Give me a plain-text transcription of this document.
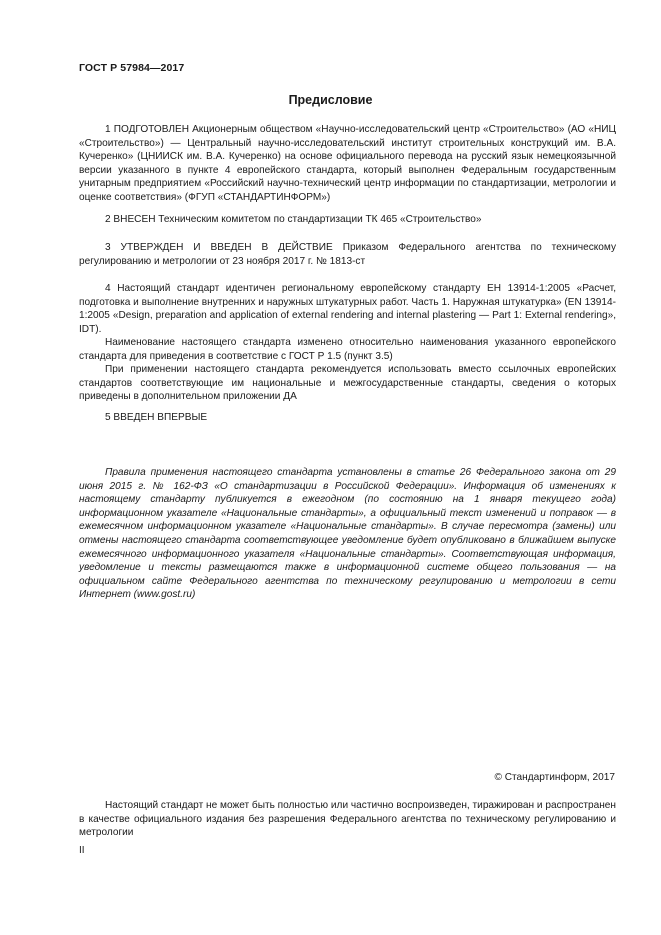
ГОСТ Р 57984—2017
Предисловие

1 ПОДГОТОВЛЕН Акционерным обществом «Научно-исследовательский центр «Строительство» (АО «НИЦ «Строительство») — Центральный научно-исследовательский институт строительных конструкций им. В.А. Кучеренко» (ЦНИИСК им. В.А. Кучеренко) на основе официального перевода на русский язык немецкоязычной версии указанного в пункте 4 европейского стандарта, который выполнен Федеральным государственным унитарным предприятием «Российский научно-технический центр информации по стандартизации, метрологии и оценке соответствия» (ФГУП «СТАНДАРТИНФОРМ»)

2 ВНЕСЕН Техническим комитетом по стандартизации ТК 465 «Строительство»

3 УТВЕРЖДЕН И ВВЕДЕН В ДЕЙСТВИЕ Приказом Федерального агентства по техническому регулированию и метрологии от 23 ноября 2017 г. № 1813-ст

4 Настоящий стандарт идентичен региональному европейскому стандарту ЕН 13914-1:2005 «Расчет, подготовка и выполнение внутренних и наружных штукатурных работ. Часть 1. Наружная штукатурка» (EN 13914-1:2005 «Design, preparation and application of external rendering and internal plastering — Part 1: External rendering», IDT).

Наименование настоящего стандарта изменено относительно наименования указанного европейского стандарта для приведения в соответствие с ГОСТ Р 1.5 (пункт 3.5)

При применении настоящего стандарта рекомендуется использовать вместо ссылочных европейских стандартов соответствующие им национальные и межгосударственные стандарты, сведения о которых приведены в дополнительном приложении ДА

5 ВВЕДЕН ВПЕРВЫЕ

Правила применения настоящего стандарта установлены в статье 26 Федерального закона от 29 июня 2015 г. № 162-ФЗ «О стандартизации в Российской Федерации». Информация об изменениях к настоящему стандарту публикуется в ежегодном (по состоянию на 1 января текущего года) информационном указателе «Национальные стандарты», а официальный текст изменений и поправок — в ежемесячном информационном указателе «Национальные стандарты». В случае пересмотра (замены) или отмены настоящего стандарта соответствующее уведомление будет опубликовано в ближайшем выпуске ежемесячного информационного указателя «Национальные стандарты». Соответствующая информация, уведомление и тексты размещаются также в информационной системе общего пользования — на официальном сайте Федерального агентства по техническому регулированию и метрологии в сети Интернет (www.gost.ru)

© Стандартинформ, 2017

Настоящий стандарт не может быть полностью или частично воспроизведен, тиражирован и распространен в качестве официального издания без разрешения Федерального агентства по техническому регулированию и метрологии

II
